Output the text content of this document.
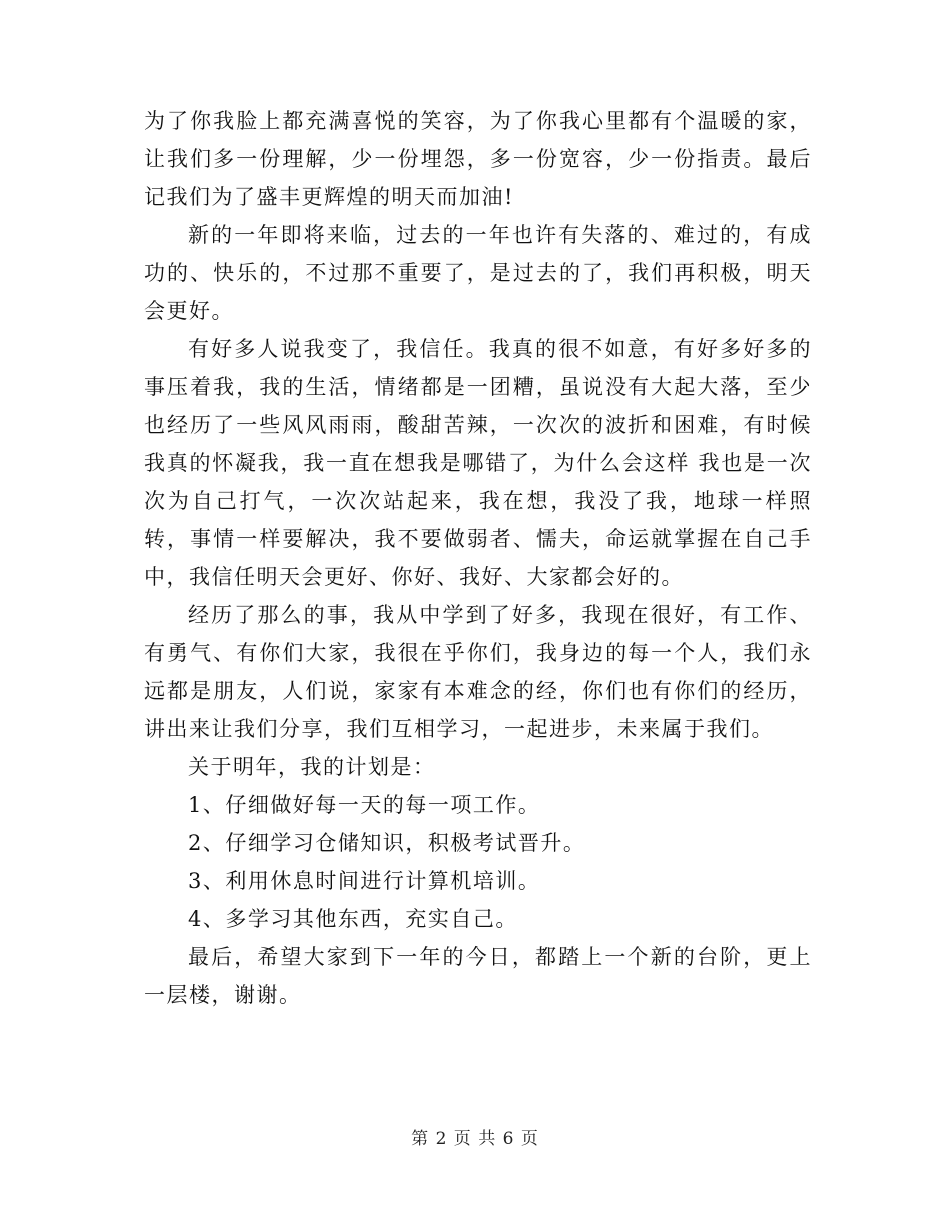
为了你我脸上都充满喜悦的笑容，为了你我心里都有个温暖的家，让我们多一份理解，少一份埋怨，多一份宽容，少一份指责。最后记我们为了盛丰更辉煌的明天而加油!

新的一年即将来临，过去的一年也许有失落的、难过的，有成功的、快乐的，不过那不重要了，是过去的了，我们再积极，明天会更好。

有好多人说我变了，我信任。我真的很不如意，有好多好多的事压着我，我的生活，情绪都是一团糟，虽说没有大起大落，至少也经历了一些风风雨雨，酸甜苦辣，一次次的波折和困难，有时候我真的怀凝我，我一直在想我是哪错了，为什么会这样 我也是一次次为自己打气，一次次站起来，我在想，我没了我，地球一样照转，事情一样要解决，我不要做弱者、懦夫，命运就掌握在自己手中，我信任明天会更好、你好、我好、大家都会好的。

经历了那么的事，我从中学到了好多，我现在很好，有工作、有勇气、有你们大家，我很在乎你们，我身边的每一个人，我们永远都是朋友，人们说，家家有本难念的经，你们也有你们的经历，讲出来让我们分享，我们互相学习，一起进步，未来属于我们。

关于明年，我的计划是：

1、仔细做好每一天的每一项工作。

2、仔细学习仓储知识，积极考试晋升。

3、利用休息时间进行计算机培训。

4、多学习其他东西，充实自己。

最后，希望大家到下一年的今日，都踏上一个新的台阶，更上一层楼，谢谢。

第 2 页 共 6 页
